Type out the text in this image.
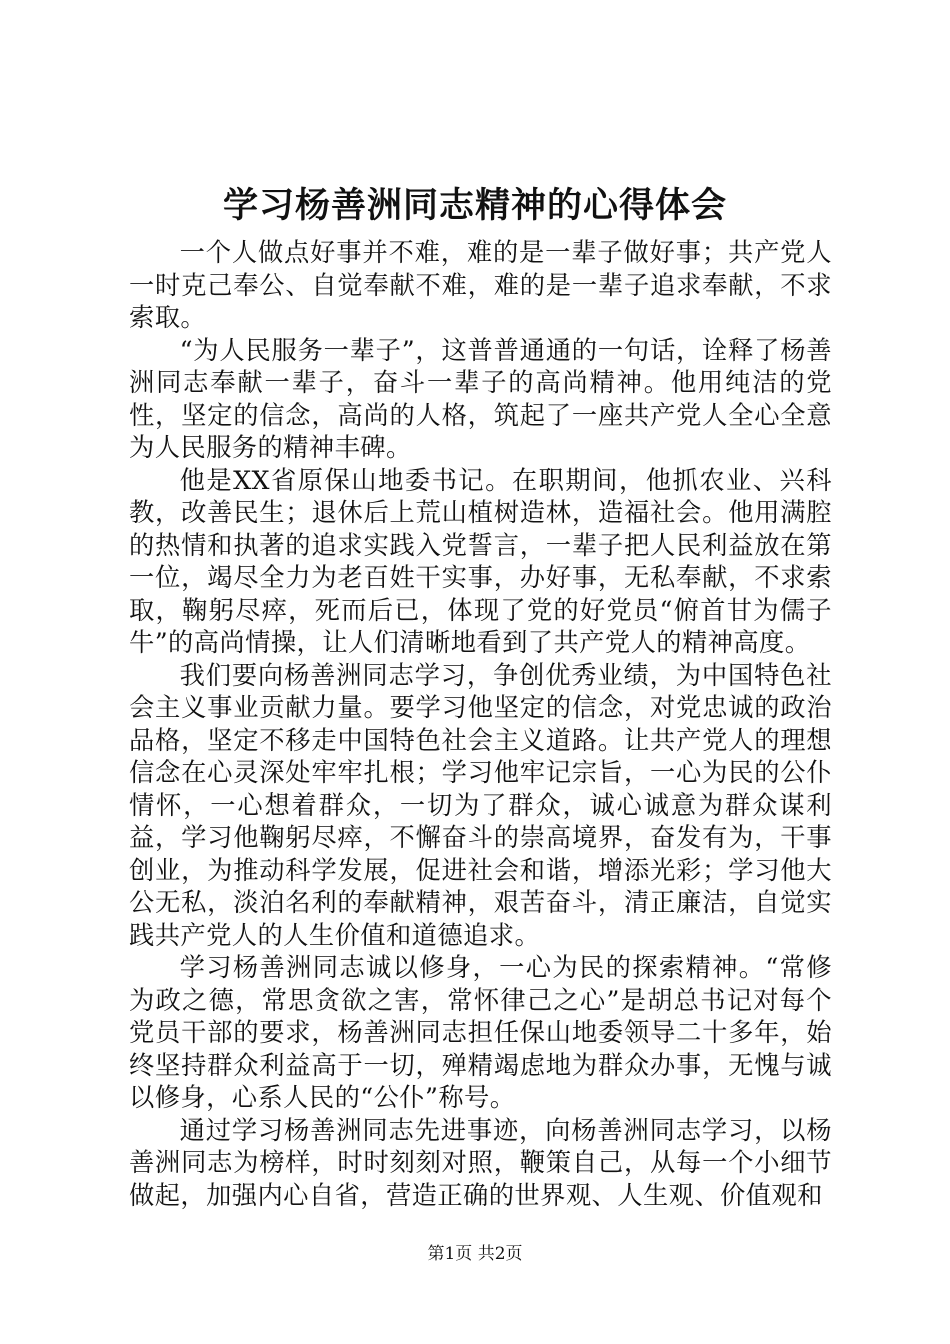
学习杨善洲同志精神的心得体会

一个人做点好事并不难，难的是一辈子做好事；共产党人一时克己奉公、自觉奉献不难，难的是一辈子追求奉献，不求索取。

“为人民服务一辈子”，这普普通通的一句话，诠释了杨善洲同志奉献一辈子，奋斗一辈子的高尚精神。他用纯洁的党性，坚定的信念，高尚的人格，筑起了一座共产党人全心全意为人民服务的精神丰碑。

他是XX省原保山地委书记。在职期间，他抓农业、兴科教，改善民生；退休后上荒山植树造林，造福社会。他用满腔的热情和执著的追求实践入党誓言，一辈子把人民利益放在第一位，竭尽全力为老百姓干实事，办好事，无私奉献，不求索取，鞠躬尽瘁，死而后已，体现了党的好党员“俯首甘为儒子牛”的高尚情操，让人们清晰地看到了共产党人的精神高度。

我们要向杨善洲同志学习，争创优秀业绩，为中国特色社会主义事业贡献力量。要学习他坚定的信念，对党忠诚的政治品格，坚定不移走中国特色社会主义道路。让共产党人的理想信念在心灵深处牢牢扎根；学习他牢记宗旨，一心为民的公仆情怀，一心想着群众，一切为了群众，诚心诚意为群众谋利益，学习他鞠躬尽瘁，不懈奋斗的崇高境界，奋发有为，干事创业，为推动科学发展，促进社会和谐，增添光彩；学习他大公无私，淡泊名利的奉献精神，艰苦奋斗，清正廉洁，自觉实践共产党人的人生价值和道德追求。

学习杨善洲同志诚以修身，一心为民的探索精神。“常修为政之德，常思贪欲之害，常怀律己之心”是胡总书记对每个党员干部的要求，杨善洲同志担任保山地委领导二十多年，始终坚持群众利益高于一切，殚精竭虑地为群众办事，无愧与诚以修身，心系人民的“公仆”称号。

通过学习杨善洲同志先进事迹，向杨善洲同志学习，以杨善洲同志为榜样，时时刻刻对照，鞭策自己，从每一个小细节做起，加强内心自省，营造正确的世界观、人生观、价值观和

第1页 共2页
